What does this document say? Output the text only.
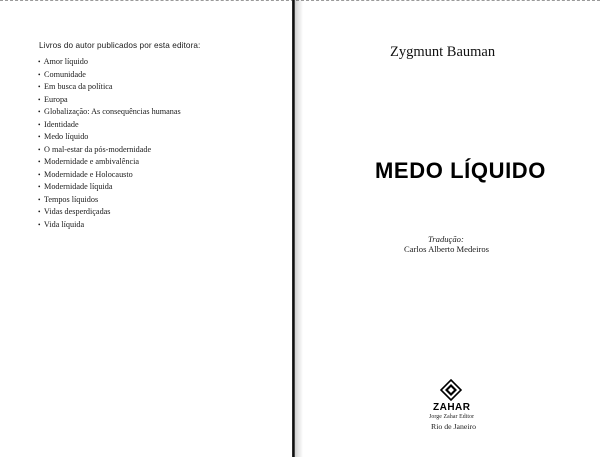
Livros do autor publicados por esta editora:
• Amor líquido
• Comunidade
• Em busca da política
• Europa
• Globalização: As consequências humanas
• Identidade
• Medo líquido
• O mal-estar da pós-modernidade
• Modernidade e ambivalência
• Modernidade e Holocausto
• Modernidade líquida
• Tempos líquidos
• Vidas desperdiçadas
• Vida líquida
Zygmunt Bauman
MEDO LÍQUIDO
Tradução:
Carlos Alberto Medeiros
ZAHAR
Jorge Zahar Editor
Rio de Janeiro
